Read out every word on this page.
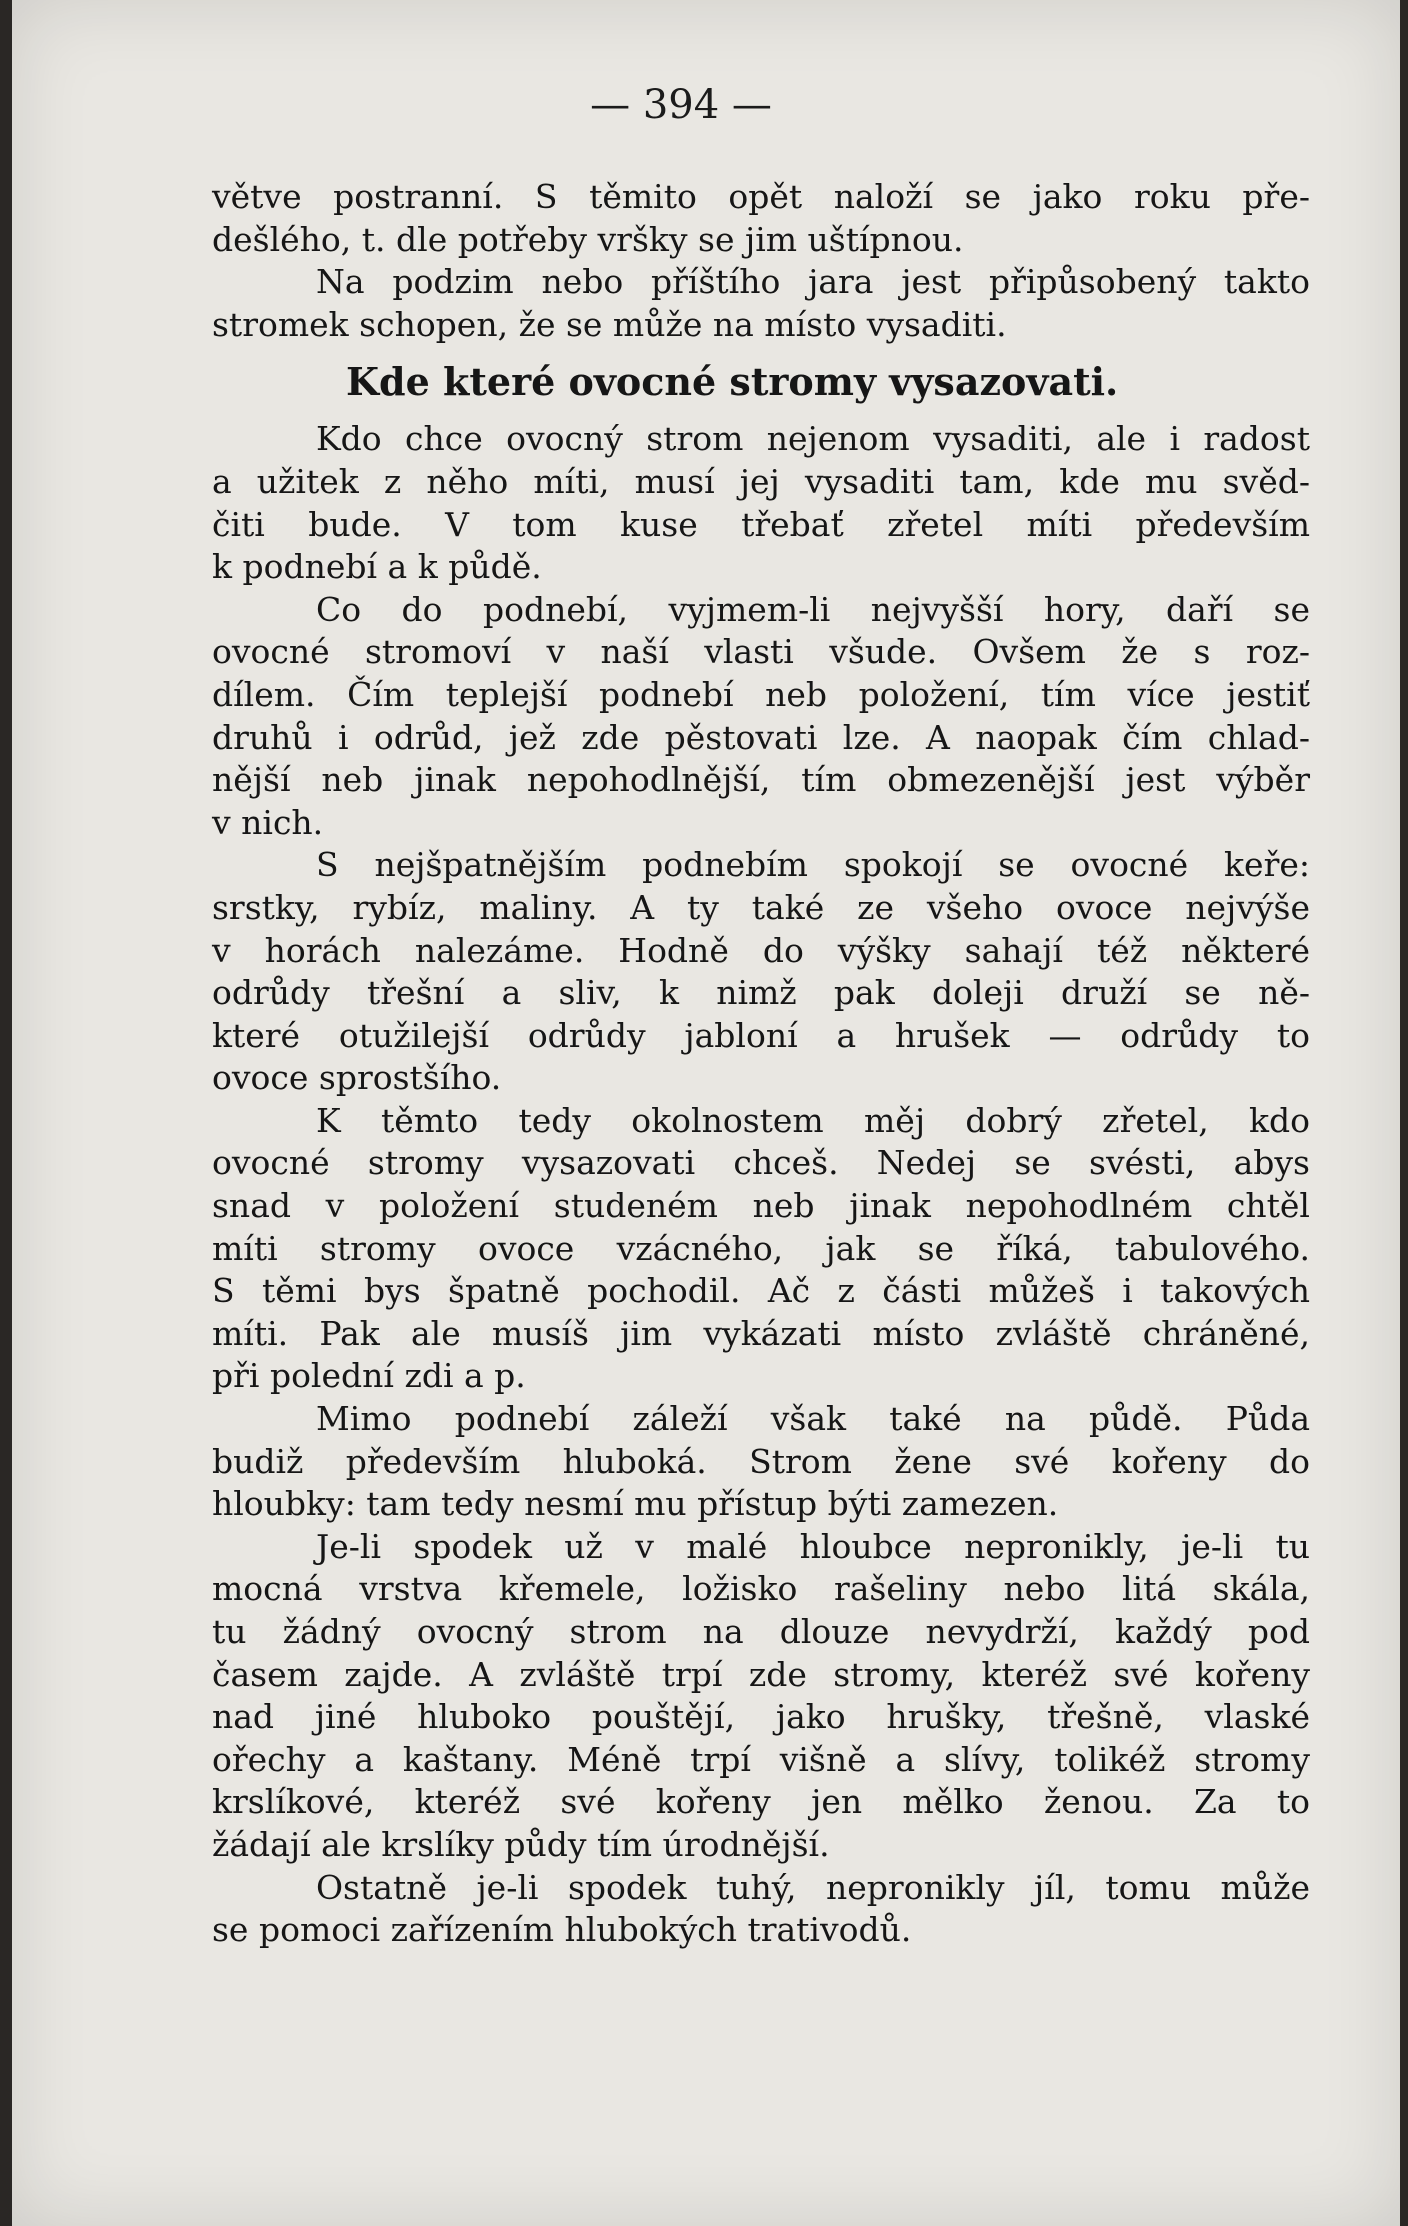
— 394 —
větve postranní. S těmito opět naloží se jako roku pře-
dešlého, t. dle potřeby vršky se jim uštípnou.
Na podzim nebo příštího jara jest připůsobený takto
stromek schopen, že se může na místo vysaditi.
Kde které ovocné stromy vysazovati.
Kdo chce ovocný strom nejenom vysaditi, ale i radost
a užitek z něho míti, musí jej vysaditi tam, kde mu svěd-
čiti bude. V tom kuse třebať zřetel míti především
k podnebí a k půdě.
Co do podnebí, vyjmem-li nejvyšší hory, daří se
ovocné stromoví v naší vlasti všude. Ovšem že s roz-
dílem. Čím teplejší podnebí neb položení, tím více jestiť
druhů i odrůd, jež zde pěstovati lze. A naopak čím chlad-
nější neb jinak nepohodlnější, tím obmezenější jest výběr
v nich.
S nejšpatnějším podnebím spokojí se ovocné keře:
srstky, rybíz, maliny. A ty také ze všeho ovoce nejvýše
v horách nalezáme. Hodně do výšky sahají též některé
odrůdy třešní a sliv, k nimž pak doleji druží se ně-
které otužilejší odrůdy jabloní a hrušek — odrůdy to
ovoce sprostšího.
K těmto tedy okolnostem měj dobrý zřetel, kdo
ovocné stromy vysazovati chceš. Nedej se svésti, abys
snad v položení studeném neb jinak nepohodlném chtěl
míti stromy ovoce vzácného, jak se říká, tabulového.
S těmi bys špatně pochodil. Ač z části můžeš i takových
míti. Pak ale musíš jim vykázati místo zvláště chráněné,
při polední zdi a p.
Mimo podnebí záleží však také na půdě. Půda
budiž především hluboká. Strom žene své kořeny do
hloubky: tam tedy nesmí mu přístup býti zamezen.
Je-li spodek už v malé hloubce nepronikly, je-li tu
mocná vrstva křemele, ložisko rašeliny nebo litá skála,
tu žádný ovocný strom na dlouze nevydrží, každý pod
časem zajde. A zvláště trpí zde stromy, kteréž své kořeny
nad jiné hluboko pouštějí, jako hrušky, třešně, vlaské
ořechy a kaštany. Méně trpí višně a slívy, tolikéž stromy
krslíkové, kteréž své kořeny jen mělko ženou. Za to
žádají ale krslíky půdy tím úrodnější.
Ostatně je-li spodek tuhý, nepronikly jíl, tomu může
se pomoci zařízením hlubokých trativodů.
